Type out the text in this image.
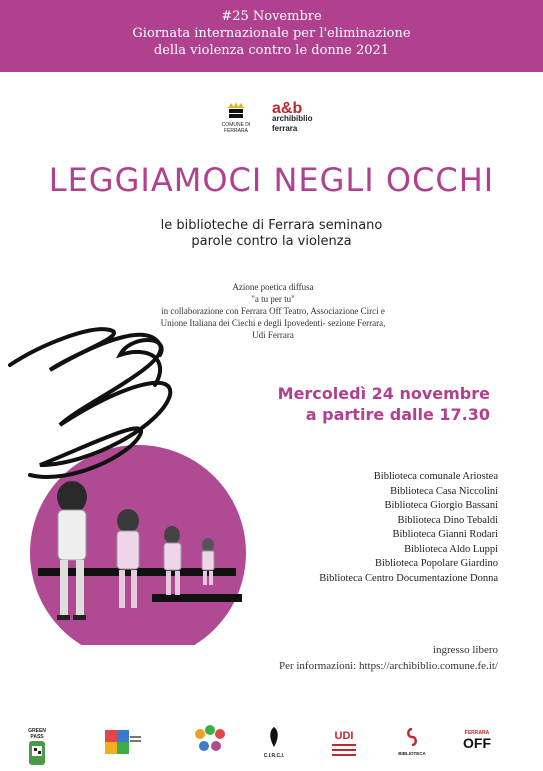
#25 Novembre
Giornata internazionale per l'eliminazione
della violenza contro le donne 2021
COMUNE DI FERRARA
a&b
archibiblio
ferrara
LEGGIAMOCI NEGLI OCCHI
le biblioteche di Ferrara seminano
parole contro la violenza
Azione poetica diffusa
"a tu per tu"
in collaborazione con Ferrara Off Teatro, Associazione Circi e
Unione Italiana dei Ciechi e degli Ipovedenti- sezione Ferrara,
Udi Ferrara
Mercoledì 24 novembre
a partire dalle 17.30
Biblioteca comunale Ariostea
Biblioteca Casa Niccolini
Biblioteca Giorgio Bassani
Biblioteca Dino Tebaldi
Biblioteca Gianni Rodari
Biblioteca Aldo Luppi
Biblioteca Popolare Giardino
Biblioteca Centro Documentazione Donna
ingresso libero
Per informazioni: https://archibiblio.comune.fe.it/
GREEN PASS
C.I.R.C.I.
UDI
BIBLIOTECA
FERRARA
OFF
